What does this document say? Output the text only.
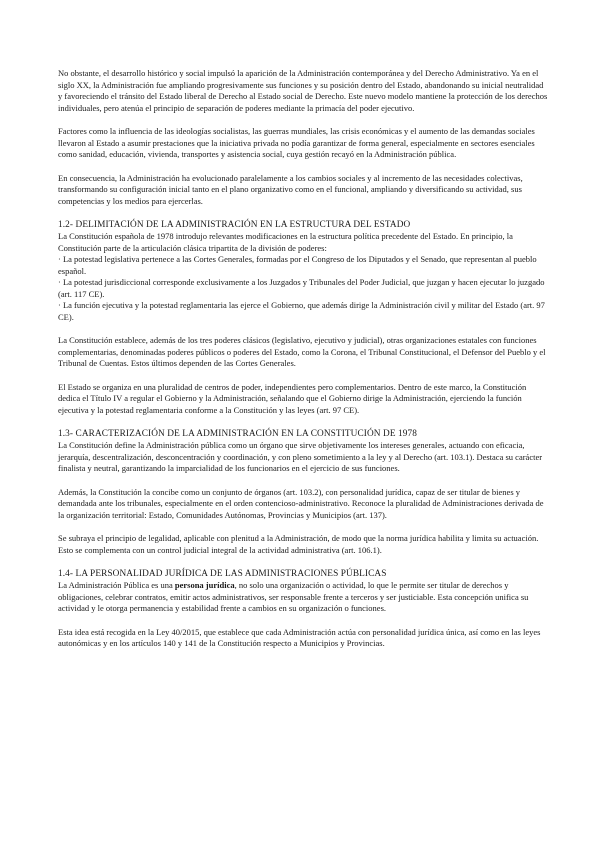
No obstante, el desarrollo histórico y social impulsó la aparición de la Administración contemporánea y del Derecho Administrativo. Ya en el siglo XX, la Administración fue ampliando progresivamente sus funciones y su posición dentro del Estado, abandonando su inicial neutralidad y favoreciendo el tránsito del Estado liberal de Derecho al Estado social de Derecho. Este nuevo modelo mantiene la protección de los derechos individuales, pero atenúa el principio de separación de poderes mediante la primacía del poder ejecutivo.

Factores como la influencia de las ideologías socialistas, las guerras mundiales, las crisis económicas y el aumento de las demandas sociales llevaron al Estado a asumir prestaciones que la iniciativa privada no podía garantizar de forma general, especialmente en sectores esenciales como sanidad, educación, vivienda, transportes y asistencia social, cuya gestión recayó en la Administración pública.

En consecuencia, la Administración ha evolucionado paralelamente a los cambios sociales y al incremento de las necesidades colectivas, transformando su configuración inicial tanto en el plano organizativo como en el funcional, ampliando y diversificando su actividad, sus competencias y los medios para ejercerlas.

1.2- DELIMITACIÓN DE LA ADMINISTRACIÓN EN LA ESTRUCTURA DEL ESTADO

La Constitución española de 1978 introdujo relevantes modificaciones en la estructura política precedente del Estado. En principio, la Constitución parte de la articulación clásica tripartita de la división de poderes:

· La potestad legislativa pertenece a las Cortes Generales, formadas por el Congreso de los Diputados y el Senado, que representan al pueblo español.
· La potestad jurisdiccional corresponde exclusivamente a los Juzgados y Tribunales del Poder Judicial, que juzgan y hacen ejecutar lo juzgado (art. 117 CE).
· La función ejecutiva y la potestad reglamentaria las ejerce el Gobierno, que además dirige la Administración civil y militar del Estado (art. 97 CE).

La Constitución establece, además de los tres poderes clásicos (legislativo, ejecutivo y judicial), otras organizaciones estatales con funciones complementarias, denominadas poderes públicos o poderes del Estado, como la Corona, el Tribunal Constitucional, el Defensor del Pueblo y el Tribunal de Cuentas. Estos últimos dependen de las Cortes Generales.

El Estado se organiza en una pluralidad de centros de poder, independientes pero complementarios. Dentro de este marco, la Constitución dedica el Título IV a regular el Gobierno y la Administración, señalando que el Gobierno dirige la Administración, ejerciendo la función ejecutiva y la potestad reglamentaria conforme a la Constitución y las leyes (art. 97 CE).

1.3- CARACTERIZACIÓN DE LA ADMINISTRACIÓN EN LA CONSTITUCIÓN DE 1978

La Constitución define la Administración pública como un órgano que sirve objetivamente los intereses generales, actuando con eficacia, jerarquía, descentralización, desconcentración y coordinación, y con pleno sometimiento a la ley y al Derecho (art. 103.1). Destaca su carácter finalista y neutral, garantizando la imparcialidad de los funcionarios en el ejercicio de sus funciones.

Además, la Constitución la concibe como un conjunto de órganos (art. 103.2), con personalidad jurídica, capaz de ser titular de bienes y demandada ante los tribunales, especialmente en el orden contencioso-administrativo. Reconoce la pluralidad de Administraciones derivada de la organización territorial: Estado, Comunidades Autónomas, Provincias y Municipios (art. 137).

Se subraya el principio de legalidad, aplicable con plenitud a la Administración, de modo que la norma jurídica habilita y limita su actuación. Esto se complementa con un control judicial integral de la actividad administrativa (art. 106.1).

1.4- LA PERSONALIDAD JURÍDICA DE LAS ADMINISTRACIONES PÚBLICAS

La Administración Pública es una persona jurídica, no solo una organización o actividad, lo que le permite ser titular de derechos y obligaciones, celebrar contratos, emitir actos administrativos, ser responsable frente a terceros y ser justiciable. Esta concepción unifica su actividad y le otorga permanencia y estabilidad frente a cambios en su organización o funciones.

Esta idea está recogida en la Ley 40/2015, que establece que cada Administración actúa con personalidad jurídica única, así como en las leyes autonómicas y en los artículos 140 y 141 de la Constitución respecto a Municipios y Provincias.
